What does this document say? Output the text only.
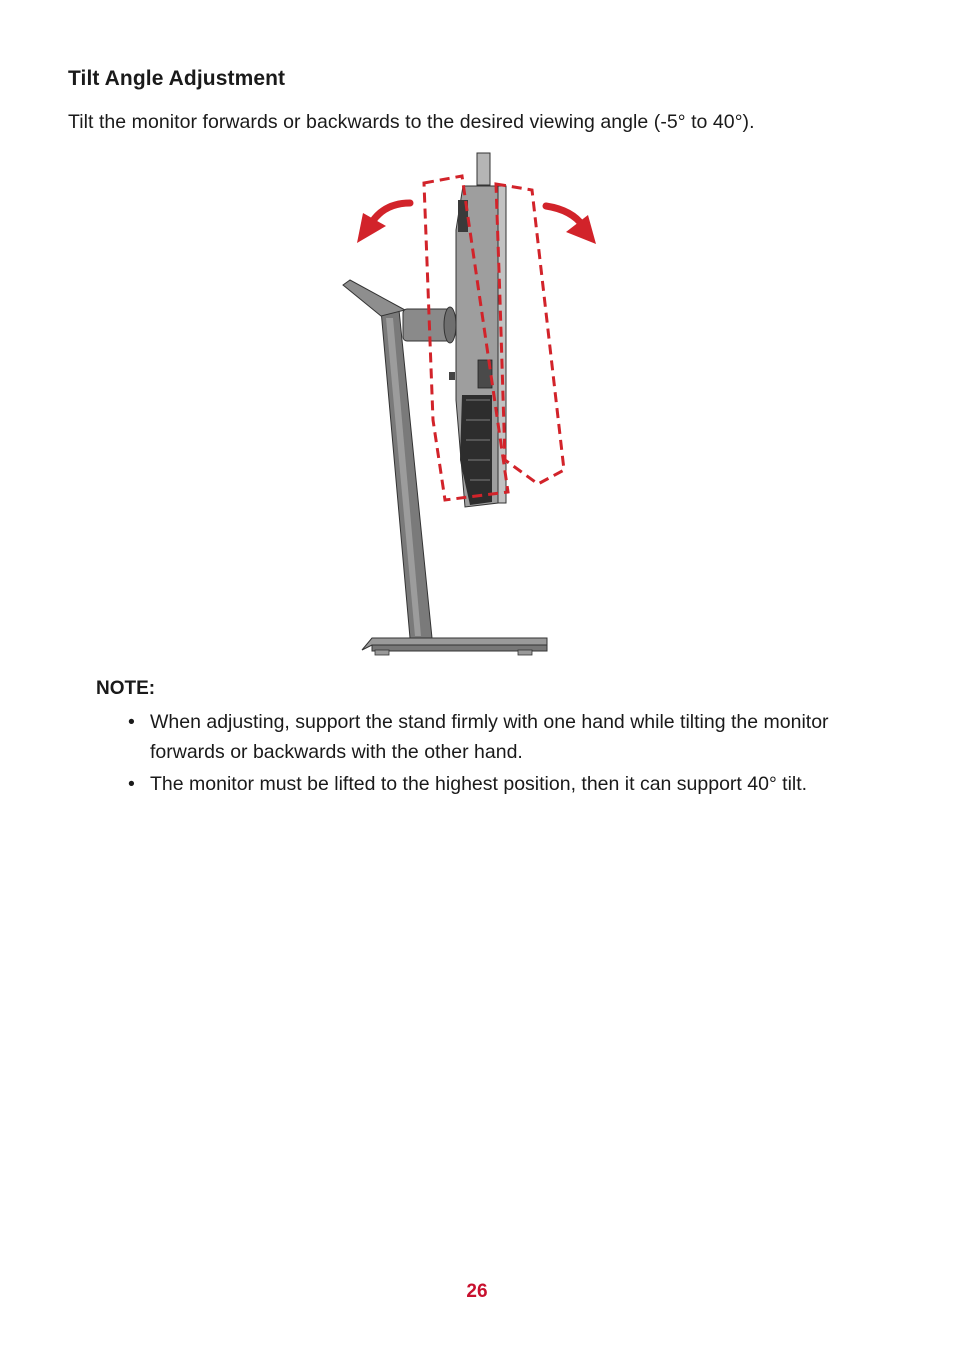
Tilt Angle Adjustment

Tilt the monitor forwards or backwards to the desired viewing angle (-5° to 40°).

NOTE:
• When adjusting, support the stand firmly with one hand while tilting the monitor forwards or backwards with the other hand.
• The monitor must be lifted to the highest position, then it can support 40° tilt.

26
